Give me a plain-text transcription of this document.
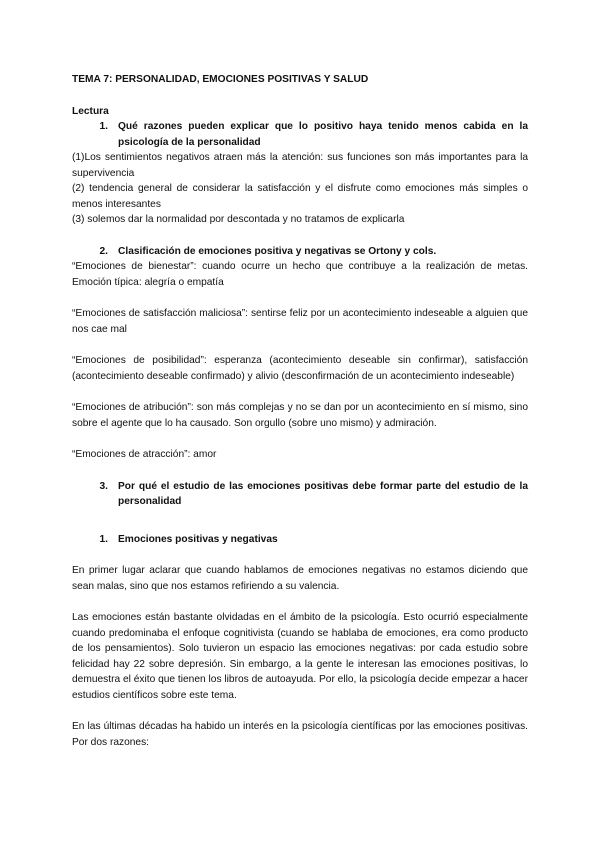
TEMA 7: PERSONALIDAD, EMOCIONES POSITIVAS Y SALUD

Lectura

1. Qué razones pueden explicar que lo positivo haya tenido menos cabida en la psicología de la personalidad

(1)Los sentimientos negativos atraen más la atención: sus funciones son más importantes para la supervivencia

(2) tendencia general de considerar la satisfacción y el disfrute como emociones más simples o menos interesantes

(3) solemos dar la normalidad por descontada y no tratamos de explicarla

2. Clasificación de emociones positiva y negativas se Ortony y cols.

“Emociones de bienestar”: cuando ocurre un hecho que contribuye a la realización de metas. Emoción típica: alegría o empatía

“Emociones de satisfacción maliciosa”: sentirse feliz por un acontecimiento indeseable a alguien que nos cae mal

“Emociones de posibilidad”: esperanza (acontecimiento deseable sin confirmar), satisfacción (acontecimiento deseable confirmado) y alivio (desconfirmación de un acontecimiento indeseable)

“Emociones de atribución”: son más complejas y no se dan por un acontecimiento en sí mismo, sino sobre el agente que lo ha causado. Son orgullo (sobre uno mismo) y admiración.

“Emociones de atracción”: amor

3. Por qué el estudio de las emociones positivas debe formar parte del estudio de la personalidad
1. Emociones positivas y negativas

En primer lugar aclarar que cuando hablamos de emociones negativas no estamos diciendo que sean malas, sino que nos estamos refiriendo a su valencia.

Las emociones están bastante olvidadas en el ámbito de la psicología. Esto ocurrió especialmente cuando predominaba el enfoque cognitivista (cuando se hablaba de emociones, era como producto de los pensamientos). Solo tuvieron un espacio las emociones negativas: por cada estudio sobre felicidad hay 22 sobre depresión. Sin embargo, a la gente le interesan las emociones positivas, lo demuestra el éxito que tienen los libros de autoayuda. Por ello, la psicología decide empezar a hacer estudios científicos sobre este tema.

En las últimas décadas ha habido un interés en la psicología científicas por las emociones positivas. Por dos razones:
